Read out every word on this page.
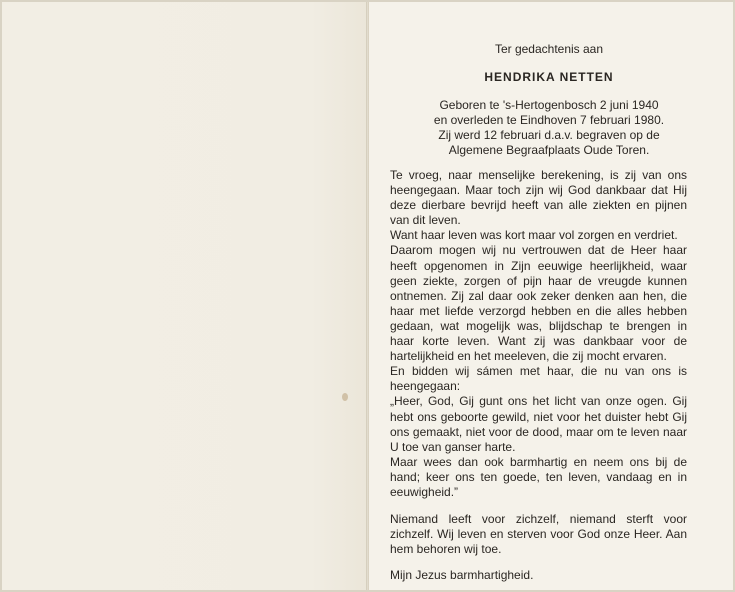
Ter gedachtenis aan

HENDRIKA NETTEN

Geboren te 's-Hertogenbosch 2 juni 1940

en overleden te Eindhoven 7 februari 1980.

Zij werd 12 februari d.a.v. begraven op de

Algemene Begraafplaats Oude Toren.

Te vroeg, naar menselijke berekening, is zij van ons heengegaan. Maar toch zijn wij God dankbaar dat Hij deze dierbare bevrijd heeft van alle ziekten en pijnen van dit leven.

Want haar leven was kort maar vol zorgen en verdriet.

Daarom mogen wij nu vertrouwen dat de Heer haar heeft opgenomen in Zijn eeuwige heerlijkheid, waar geen ziekte, zorgen of pijn haar de vreugde kunnen ontnemen. Zij zal daar ook zeker denken aan hen, die haar met liefde verzorgd hebben en die alles hebben gedaan, wat mogelijk was, blijdschap te brengen in haar korte leven. Want zij was dankbaar voor de hartelijkheid en het meeleven, die zij mocht ervaren.

En bidden wij sámen met haar, die nu van ons is heengegaan:

„Heer, God, Gij gunt ons het licht van onze ogen. Gij hebt ons geboorte gewild, niet voor het duister hebt Gij ons gemaakt, niet voor de dood, maar om te leven naar U toe van ganser harte.

Maar wees dan ook barmhartig en neem ons bij de hand; keer ons ten goede, ten leven, vandaag en in eeuwigheid.”

Niemand leeft voor zichzelf, niemand sterft voor zichzelf. Wij leven en sterven voor God onze Heer. Aan hem behoren wij toe.

Mijn Jezus barmhartigheid.
